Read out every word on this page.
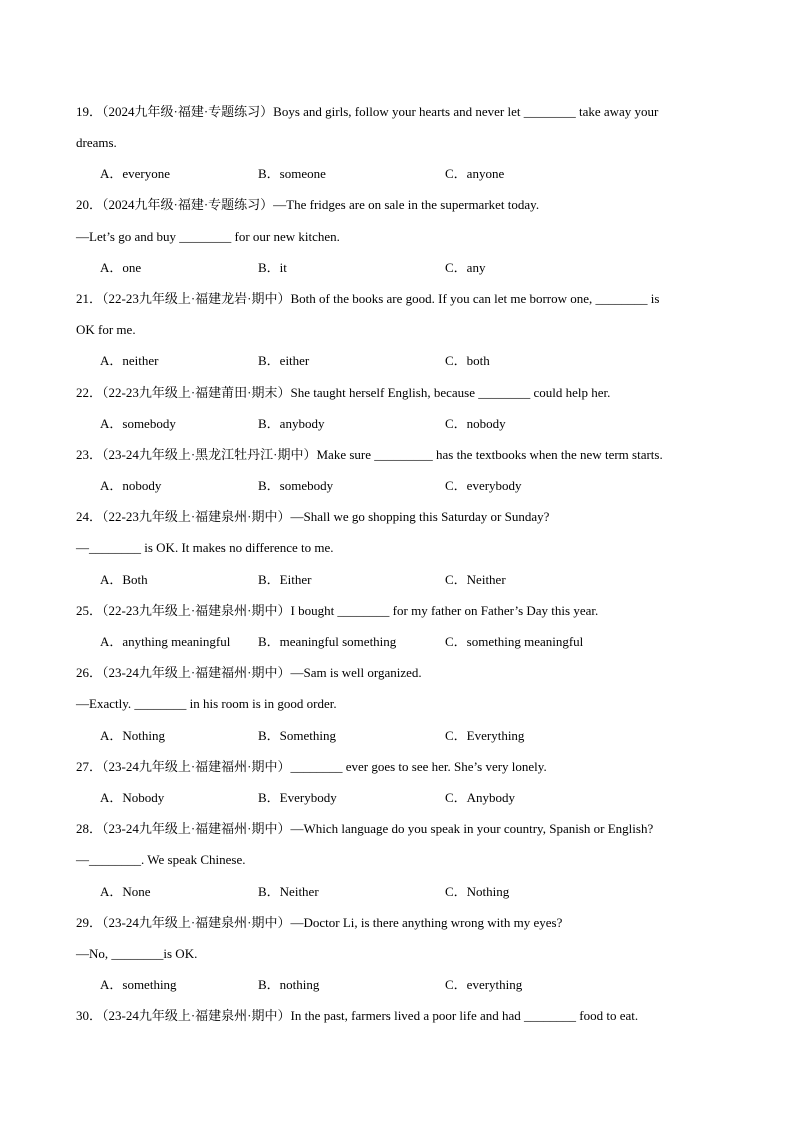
19．（2024九年级·福建·专题练习）Boys and girls, follow your hearts and never let ________ take away your
dreams.
A．everyone	B．someone	C．anyone
20．（2024九年级·福建·专题练习）—The fridges are on sale in the supermarket today.
—Let’s go and buy ________ for our new kitchen.
A．one	B．it	C．any
21．（22-23九年级上·福建龙岩·期中）Both of the books are good. If you can let me borrow one, ________ is
OK for me.
A．neither	B．either	C．both
22．（22-23九年级上·福建莆田·期末）She taught herself English, because ________ could help her.
A．somebody	B．anybody	C．nobody
23．（23-24九年级上·黑龙江牡丹江·期中）Make sure _________ has the textbooks when the new term starts.
A．nobody	B．somebody	C．everybody
24．（22-23九年级上·福建泉州·期中）—Shall we go shopping this Saturday or Sunday?
—________ is OK. It makes no difference to me.
A．Both	B．Either	C．Neither
25．（22-23九年级上·福建泉州·期中）I bought ________ for my father on Father’s Day this year.
A．anything meaningful B．meaningful something	C．something meaningful
26．（23-24九年级上·福建福州·期中）—Sam is well organized.
—Exactly. ________ in his room is in good order.
A．Nothing	B．Something	C．Everything
27．（23-24九年级上·福建福州·期中）________ ever goes to see her. She’s very lonely.
A．Nobody	B．Everybody	C．Anybody
28．（23-24九年级上·福建福州·期中）—Which language do you speak in your country, Spanish or English?
—________. We speak Chinese.
A．None	B．Neither	C．Nothing
29．（23-24九年级上·福建泉州·期中）—Doctor Li, is there anything wrong with my eyes?
—No, ________is OK.
A．something	B．nothing	C．everything
30．（23-24九年级上·福建泉州·期中）In the past, farmers lived a poor life and had ________ food to eat.
